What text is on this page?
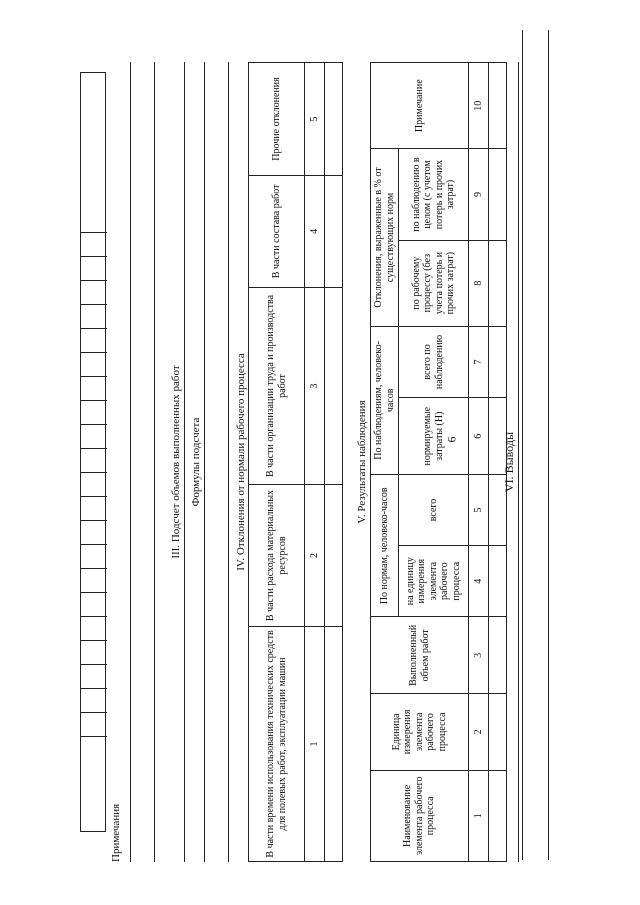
6
Примечания
III. Подсчет объемов выполненных работ Формулы подсчета	IV. Отклонения от нормали рабочего процесса
В части времени использования технических средств для полевых работ, эксплуатации машин	В части расхода материальных ресурсов	В части организации труда и производства работ	В части состава работ	Прочие отклонения
1	2	3	4	5

V. Результаты наблюдения
Наименование элемента рабочего процесса	Единица измерения элемента рабочего процесса	Выполненный объем работ	По нормам, человеко-часов		По наблюдениям, человеко-часов		Отклонения, выраженные в % от существующих норм		Примечание
			на единицу измерения элемента рабочего процесса	всего	нормируемые затраты (Н)	всего по наблюдению	по рабочему процессу (без учета потерь и прочих затрат)	по наблюдению в целом (с учетом потерь и прочих затрат)	
1	2	3	4	5	6	7	8	9	10

VI. Выводы
